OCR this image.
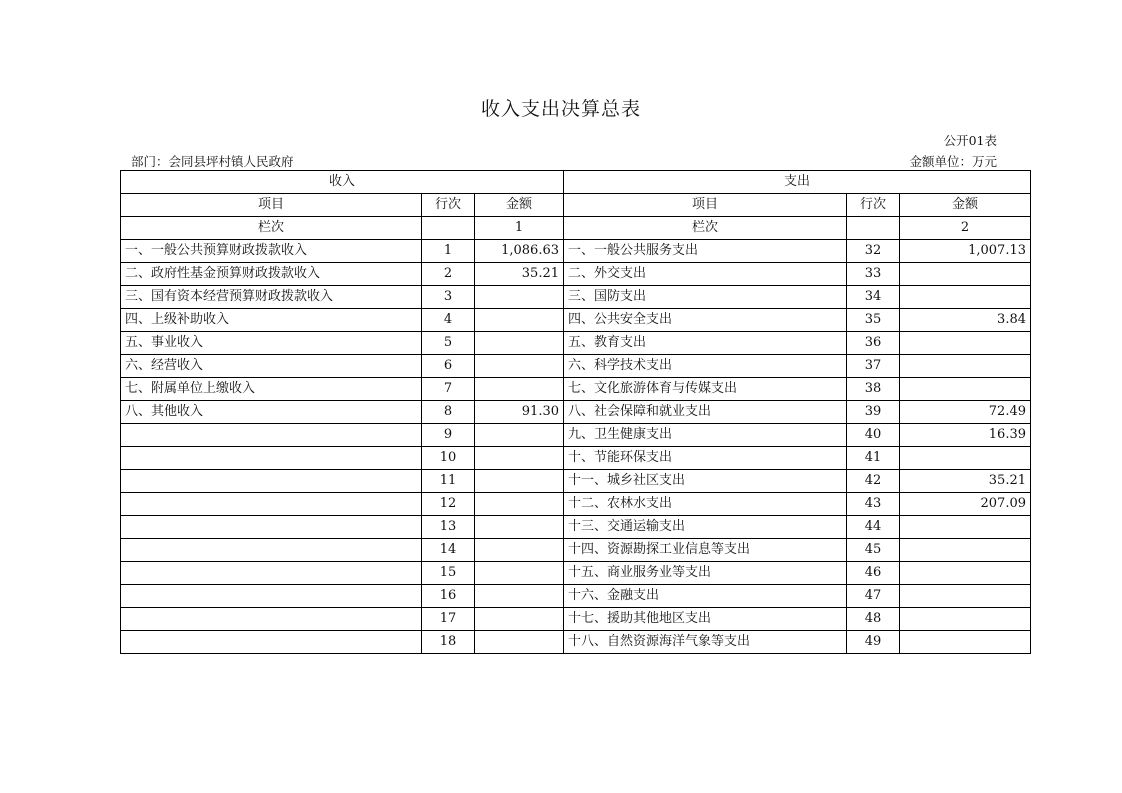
收入支出决算总表
公开01表
部门：会同县坪村镇人民政府	金额单位：万元
收入			支出		
项目	行次	金额	项目	行次	金额
栏次		1	栏次		2
一、一般公共预算财政拨款收入	1	1,086.63	一、一般公共服务支出	32	1,007.13
二、政府性基金预算财政拨款收入	2	35.21	二、外交支出	33	
三、国有资本经营预算财政拨款收入	3		三、国防支出	34	
四、上级补助收入	4		四、公共安全支出	35	3.84
五、事业收入	5		五、教育支出	36	
六、经营收入	6		六、科学技术支出	37	
七、附属单位上缴收入	7		七、文化旅游体育与传媒支出	38	
八、其他收入	8	91.30	八、社会保障和就业支出	39	72.49
	9		九、卫生健康支出	40	16.39
	10		十、节能环保支出	41	
	11		十一、城乡社区支出	42	35.21
	12		十二、农林水支出	43	207.09
	13		十三、交通运输支出	44	
	14		十四、资源勘探工业信息等支出	45	
	15		十五、商业服务业等支出	46	
	16		十六、金融支出	47	
	17		十七、援助其他地区支出	48	
	18		十八、自然资源海洋气象等支出	49	
